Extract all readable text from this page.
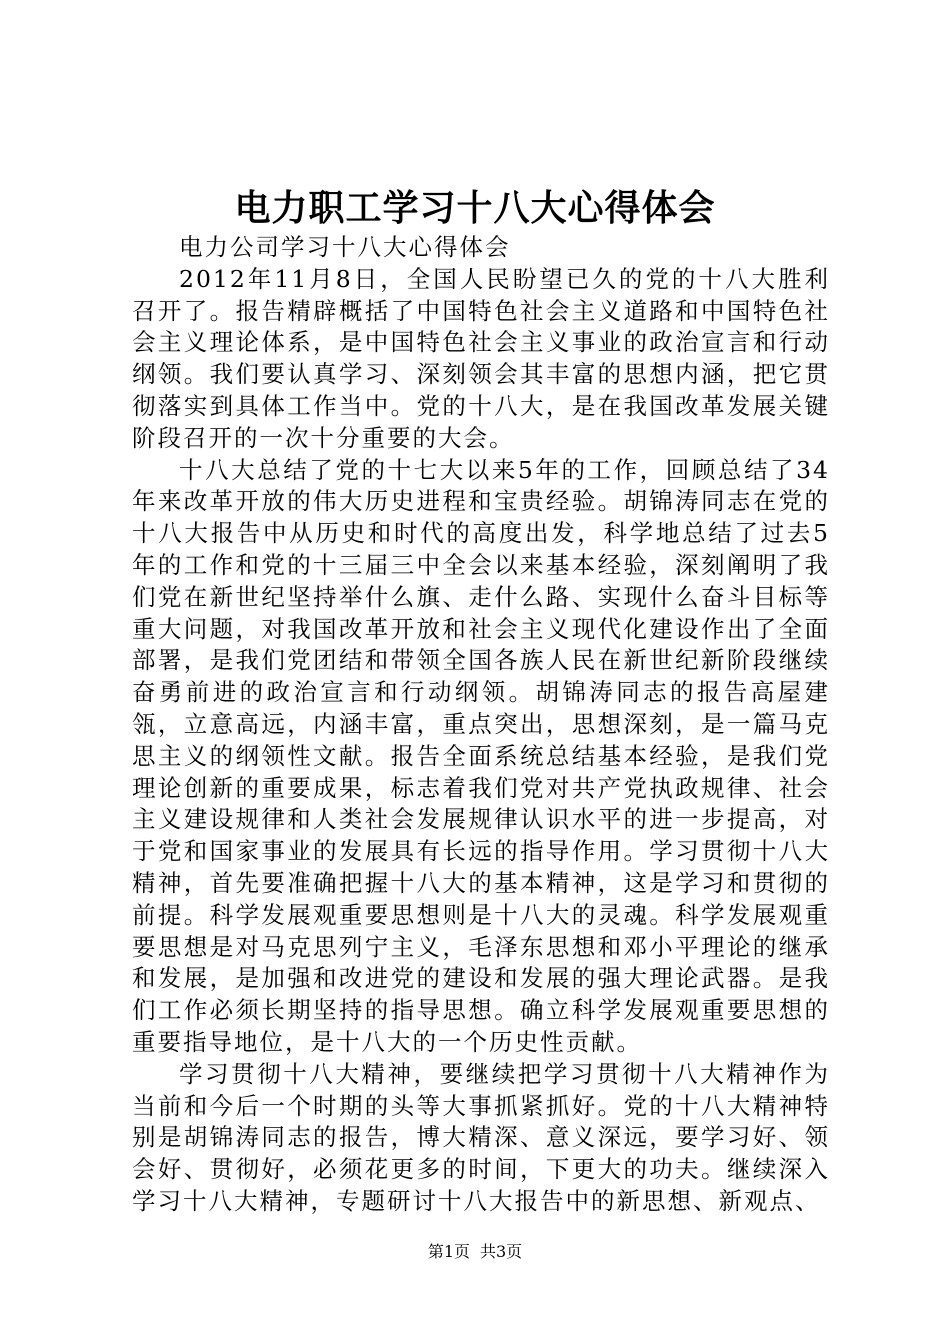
电力职工学习十八大心得体会

电力公司学习十八大心得体会

2012年11月8日，全国人民盼望已久的党的十八大胜利召开了。报告精辟概括了中国特色社会主义道路和中国特色社会主义理论体系，是中国特色社会主义事业的政治宣言和行动纲领。我们要认真学习、深刻领会其丰富的思想内涵，把它贯彻落实到具体工作当中。党的十八大，是在我国改革发展关键阶段召开的一次十分重要的大会。

十八大总结了党的十七大以来5年的工作，回顾总结了34年来改革开放的伟大历史进程和宝贵经验。胡锦涛同志在党的十八大报告中从历史和时代的高度出发，科学地总结了过去5年的工作和党的十三届三中全会以来基本经验，深刻阐明了我们党在新世纪坚持举什么旗、走什么路、实现什么奋斗目标等重大问题，对我国改革开放和社会主义现代化建设作出了全面部署，是我们党团结和带领全国各族人民在新世纪新阶段继续奋勇前进的政治宣言和行动纲领。胡锦涛同志的报告高屋建瓴，立意高远，内涵丰富，重点突出，思想深刻，是一篇马克思主义的纲领性文献。报告全面系统总结基本经验，是我们党理论创新的重要成果，标志着我们党对共产党执政规律、社会主义建设规律和人类社会发展规律认识水平的进一步提高，对于党和国家事业的发展具有长远的指导作用。学习贯彻十八大精神，首先要准确把握十八大的基本精神，这是学习和贯彻的前提。科学发展观重要思想则是十八大的灵魂。科学发展观重要思想是对马克思列宁主义，毛泽东思想和邓小平理论的继承和发展，是加强和改进党的建设和发展的强大理论武器。是我们工作必须长期坚持的指导思想。确立科学发展观重要思想的重要指导地位，是十八大的一个历史性贡献。

学习贯彻十八大精神，要继续把学习贯彻十八大精神作为当前和今后一个时期的头等大事抓紧抓好。党的十八大精神特别是胡锦涛同志的报告，博大精深、意义深远，要学习好、领会好、贯彻好，必须花更多的时间，下更大的功夫。继续深入学习十八大精神，专题研讨十八大报告中的新思想、新观点、

第1页 共3页
